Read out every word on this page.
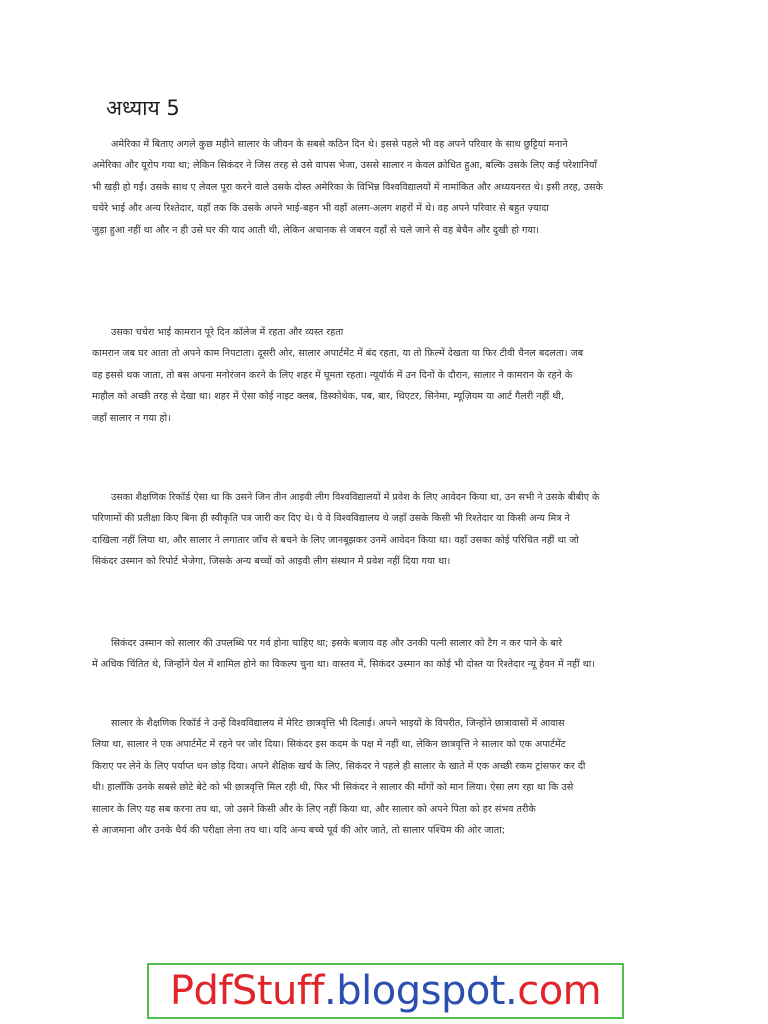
अध्याय 5

अमेरिका में बिताए अगले कुछ महीने सालार के जीवन के सबसे कठिन दिन थे। इससे पहले भी वह अपने परिवार के साथ छुट्टियां मनाने
अमेरिका और यूरोप गया था; लेकिन सिकंदर ने जिस तरह से उसे वापस भेजा, उससे सालार न केवल क्रोधित हुआ, बल्कि उसके लिए कई परेशानियाँ
भी खड़ी हो गईं। उसके साथ ए लेवल पूरा करने वाले उसके दोस्त अमेरिका के विभिन्न विश्वविद्यालयों में नामांकित और अध्ययनरत थे। इसी तरह, उसके
चचेरे भाई और अन्य रिश्तेदार, यहाँ तक कि उसके अपने भाई-बहन भी वहाँ अलग-अलग शहरों में थे। वह अपने परिवार से बहुत ज़्यादा
जुड़ा हुआ नहीं था और न ही उसे घर की याद आती थी, लेकिन अचानक से जबरन वहाँ से चले जाने से वह बेचैन और दुखी हो गया।

उसका चचेरा भाई कामरान पूरे दिन कॉलेज में रहता और व्यस्त रहता
कामरान जब घर आता तो अपने काम निपटाता। दूसरी ओर, सालार अपार्टमेंट में बंद रहता, या तो फ़िल्में देखता या फिर टीवी चैनल बदलता। जब
वह इससे थक जाता, तो बस अपना मनोरंजन करने के लिए शहर में घूमता रहता। न्यूयॉर्क में उन दिनों के दौरान, सालार ने कामरान के रहने के
माहौल को अच्छी तरह से देखा था। शहर में ऐसा कोई नाइट क्लब, डिस्कोथेक, पब, बार, थिएटर, सिनेमा, म्यूज़ियम या आर्ट गैलरी नहीं थी,
जहाँ सालार न गया हो।

उसका शैक्षणिक रिकॉर्ड ऐसा था कि उसने जिन तीन आइवी लीग विश्वविद्यालयों में प्रवेश के लिए आवेदन किया था, उन सभी ने उसके बीबीए के
परिणामों की प्रतीक्षा किए बिना ही स्वीकृति पत्र जारी कर दिए थे। ये वे विश्वविद्यालय थे जहाँ उसके किसी भी रिश्तेदार या किसी अन्य मित्र ने
दाखिला नहीं लिया था, और सालार ने लगातार जाँच से बचने के लिए जानबूझकर उनमें आवेदन किया था। वहाँ उसका कोई परिचित नहीं था जो
सिकंदर उस्मान को रिपोर्ट भेजेगा, जिसके अन्य बच्चों को आइवी लीग संस्थान में प्रवेश नहीं दिया गया था।

सिकंदर उस्मान को सालार की उपलब्धि पर गर्व होना चाहिए था; इसके बजाय वह और उनकी पत्नी सालार को टैग न कर पाने के बारे
में अधिक चिंतित थे, जिन्होंने येल में शामिल होने का विकल्प चुना था। वास्तव में, सिकंदर उस्मान का कोई भी दोस्त या रिश्तेदार न्यू हेवन में नहीं था।

सालार के शैक्षणिक रिकॉर्ड ने उन्हें विश्वविद्यालय में मेरिट छात्रवृत्ति भी दिलाई। अपने भाइयों के विपरीत, जिन्होंने छात्रावासों में आवास
लिया था, सालार ने एक अपार्टमेंट में रहने पर जोर दिया। सिकंदर इस कदम के पक्ष में नहीं था, लेकिन छात्रवृत्ति ने सालार को एक अपार्टमेंट
किराए पर लेने के लिए पर्याप्त धन छोड़ दिया। अपने शैक्षिक खर्च के लिए, सिकंदर ने पहले ही सालार के खाते में एक अच्छी रकम ट्रांसफर कर दी
थी। हालाँकि उनके सबसे छोटे बेटे को भी छात्रवृत्ति मिल रही थी, फिर भी सिकंदर ने सालार की माँगों को मान लिया। ऐसा लग रहा था कि उसे
सालार के लिए यह सब करना तय था, जो उसने किसी और के लिए नहीं किया था, और सालार को अपने पिता को हर संभव तरीके
से आजमाना और उनके धैर्य की परीक्षा लेना तय था। यदि अन्य बच्चे पूर्व की ओर जाते, तो सालार पश्चिम की ओर जाता;

Pdf Stuff . blogspot . com
